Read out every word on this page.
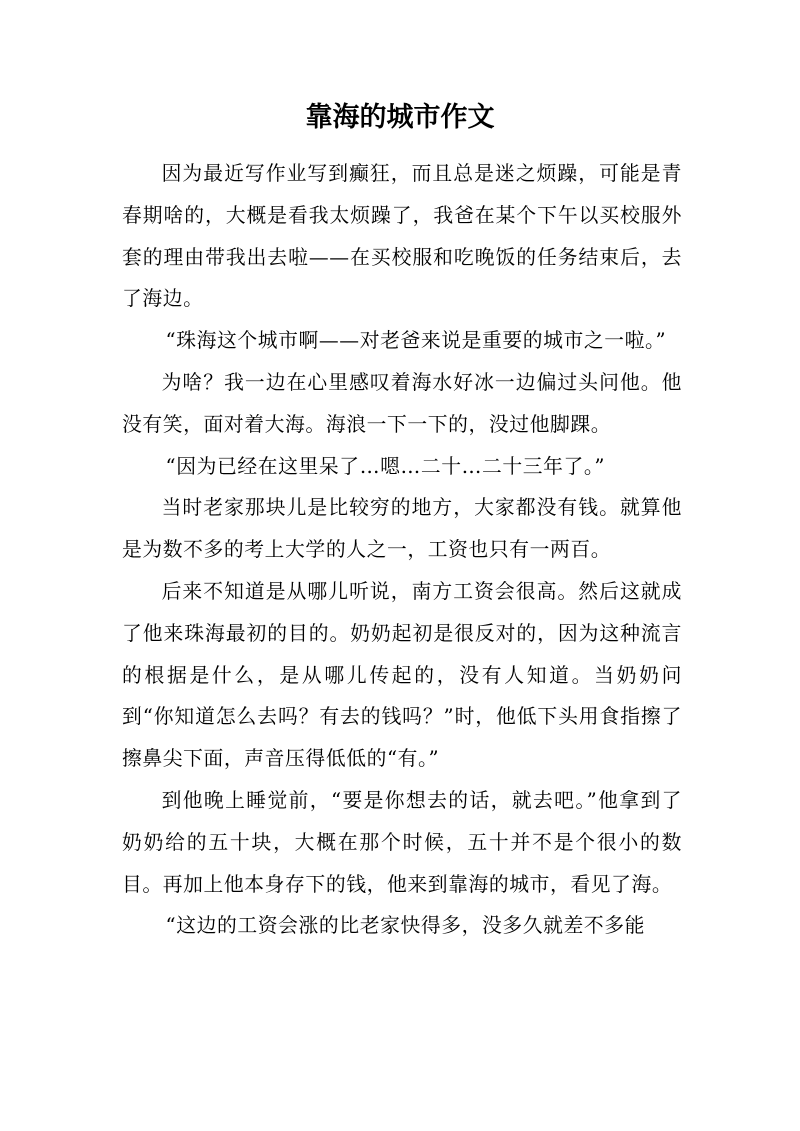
靠海的城市作文

因为最近写作业写到癫狂，而且总是迷之烦躁，可能是青春期啥的，大概是看我太烦躁了，我爸在某个下午以买校服外套的理由带我出去啦——在买校服和吃晚饭的任务结束后，去了海边。

“珠海这个城市啊——对老爸来说是重要的城市之一啦。”

为啥？我一边在心里感叹着海水好冰一边偏过头问他。他没有笑，面对着大海。海浪一下一下的，没过他脚踝。

“因为已经在这里呆了…嗯…二十…二十三年了。”

当时老家那块儿是比较穷的地方，大家都没有钱。就算他是为数不多的考上大学的人之一，工资也只有一两百。

后来不知道是从哪儿听说，南方工资会很高。然后这就成了他来珠海最初的目的。奶奶起初是很反对的，因为这种流言的根据是什么，是从哪儿传起的，没有人知道。当奶奶问到“你知道怎么去吗？有去的钱吗？”时，他低下头用食指擦了擦鼻尖下面，声音压得低低的“有。”

到他晚上睡觉前，“要是你想去的话，就去吧。”他拿到了奶奶给的五十块，大概在那个时候，五十并不是个很小的数目。再加上他本身存下的钱，他来到靠海的城市，看见了海。

“这边的工资会涨的比老家快得多，没多久就差不多能
